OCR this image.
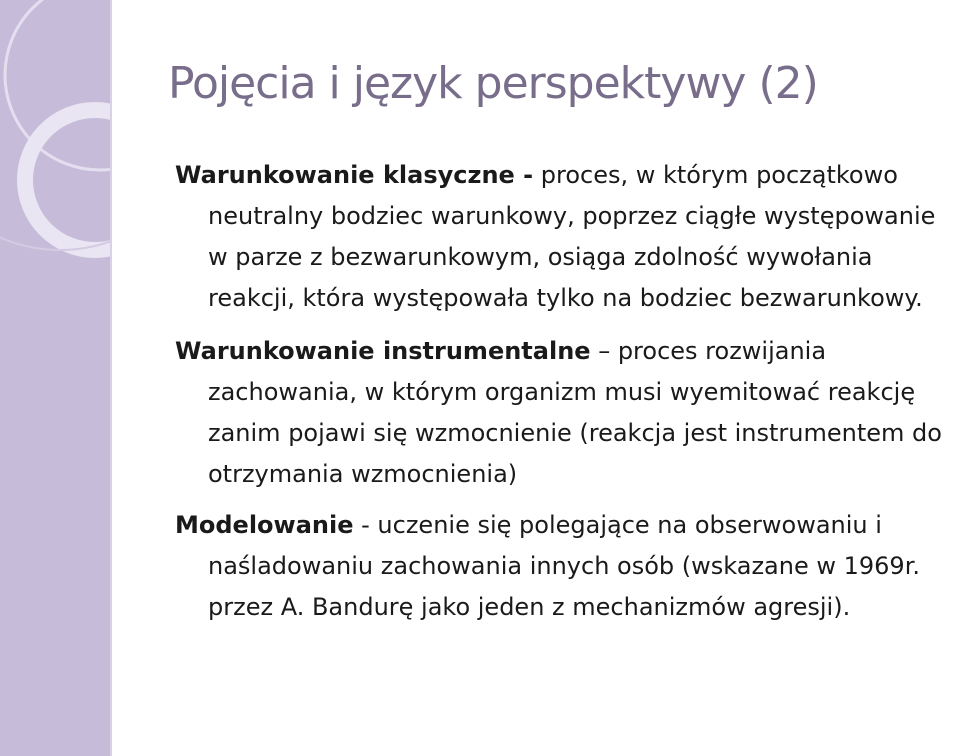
Pojęcia i język perspektywy (2)

Warunkowanie klasyczne - proces, w którym początkowo neutralny bodziec warunkowy, poprzez ciągłe występowanie w parze z bezwarunkowym, osiąga zdolność wywołania reakcji, która występowała tylko na bodziec bezwarunkowy.

Warunkowanie instrumentalne – proces rozwijania zachowania, w którym organizm musi wyemitować reakcję zanim pojawi się wzmocnienie (reakcja jest instrumentem do otrzymania wzmocnienia)

Modelowanie - uczenie się polegające na obserwowaniu i naśladowaniu zachowania innych osób (wskazane w 1969r. przez A. Bandurę jako jeden z mechanizmów agresji).
